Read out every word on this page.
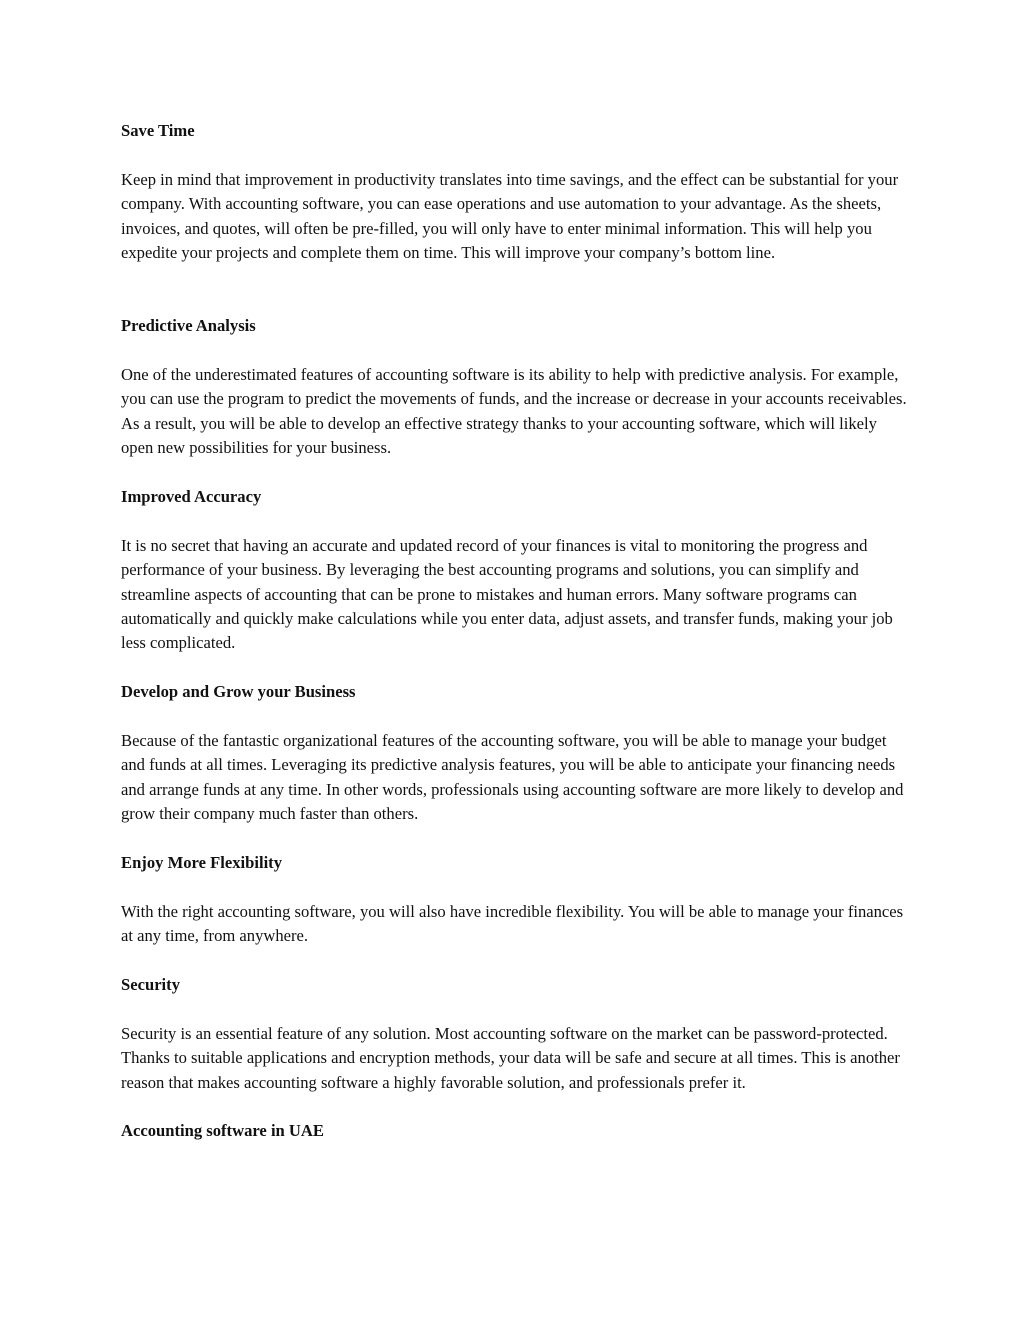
Save Time

Keep in mind that improvement in productivity translates into time savings, and the effect can be substantial for your company. With accounting software, you can ease operations and use automation to your advantage. As the sheets, invoices, and quotes, will often be pre-filled, you will only have to enter minimal information. This will help you expedite your projects and complete them on time. This will improve your company’s bottom line.

Predictive Analysis

One of the underestimated features of accounting software is its ability to help with predictive analysis. For example, you can use the program to predict the movements of funds, and the increase or decrease in your accounts receivables. As a result, you will be able to develop an effective strategy thanks to your accounting software, which will likely open new possibilities for your business.

Improved Accuracy

It is no secret that having an accurate and updated record of your finances is vital to monitoring the progress and performance of your business. By leveraging the best accounting programs and solutions, you can simplify and streamline aspects of accounting that can be prone to mistakes and human errors. Many software programs can automatically and quickly make calculations while you enter data, adjust assets, and transfer funds, making your job less complicated.

Develop and Grow your Business

Because of the fantastic organizational features of the accounting software, you will be able to manage your budget and funds at all times. Leveraging its predictive analysis features, you will be able to anticipate your financing needs and arrange funds at any time. In other words, professionals using accounting software are more likely to develop and grow their company much faster than others.

Enjoy More Flexibility

With the right accounting software, you will also have incredible flexibility. You will be able to manage your finances at any time, from anywhere.

Security

Security is an essential feature of any solution. Most accounting software on the market can be password-protected. Thanks to suitable applications and encryption methods, your data will be safe and secure at all times. This is another reason that makes accounting software a highly favorable solution, and professionals prefer it.

Accounting software in UAE
